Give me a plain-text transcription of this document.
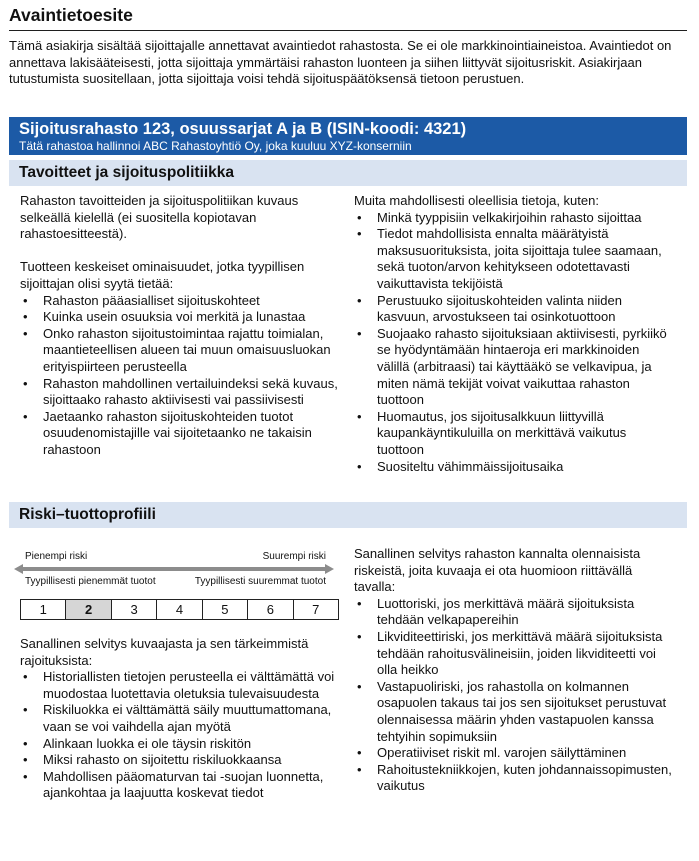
Avaintietoesite

Tämä asiakirja sisältää sijoittajalle annettavat avaintiedot rahastosta. Se ei ole markkinointiaineistoa. Avaintiedot on annettava lakisääteisesti, jotta sijoittaja ymmärtäisi rahaston luonteen ja siihen liittyvät sijoitusriskit. Asiakirjaan tutustumista suositellaan, jotta sijoittaja voisi tehdä sijoituspäätöksensä tietoon perustuen.

Sijoitusrahasto 123, osuussarjat A ja B (ISIN-koodi: 4321)
Tätä rahastoa hallinnoi ABC Rahastoyhtiö Oy, joka kuuluu XYZ-konserniin
Tavoitteet ja sijoituspolitiikka

Rahaston tavoitteiden ja sijoituspolitiikan kuvaus selkeällä kielellä (ei suositella kopiotavan rahastoesitteestä).

Tuotteen keskeiset ominaisuudet, jotka tyypillisen sijoittajan olisi syytä tietää:

• Rahaston pääasialliset sijoituskohteet
• Kuinka usein osuuksia voi merkitä ja lunastaa
• Onko rahaston sijoitustoimintaa rajattu toimialan, maantieteellisen alueen tai muun omaisuusluokan erityispiirteen perusteella
• Rahaston mahdollinen vertailuindeksi sekä kuvaus, sijoittaako rahasto aktiivisesti vai passiivisesti
• Jaetaanko rahaston sijoituskohteiden tuotot osuudenomistajille vai sijoitetaanko ne takaisin rahastoon

Muita mahdollisesti oleellisia tietoja, kuten:

• Minkä tyyppisiin velkakirjoihin rahasto sijoittaa
• Tiedot mahdollisista ennalta määrätyistä maksusuorituksista, joita sijoittaja tulee saamaan, sekä tuoton/arvon kehitykseen odotettavasti vaikuttavista tekijöistä
• Perustuuko sijoituskohteiden valinta niiden kasvuun, arvostukseen tai osinkotuottoon
• Suojaako rahasto sijoituksiaan aktiivisesti, pyrkiikö se hyödyntämään hintaeroja eri markkinoiden välillä (arbitraasi) tai käyttääkö se velkavipua, ja miten nämä tekijät voivat vaikuttaa rahaston tuottoon
• Huomautus, jos sijoitusalkkuun liittyvillä kaupankäyntikuluilla on merkittävä vaikutus tuottoon
• Suositeltu vähimmäissijoitusaika
Riski–tuottoprofiili
Pienempi riski	Suurempi riski
Tyypillisesti pienemmät tuotot	Tyypillisesti suuremmat tuotot
1	2	3	4	5	6	7

Sanallinen selvitys kuvaajasta ja sen tärkeimmistä rajoituksista:

• Historiallisten tietojen perusteella ei välttämättä voi muodostaa luotettavia oletuksia tulevaisuudesta
• Riskiluokka ei välttämättä säily muuttumattomana, vaan se voi vaihdella ajan myötä
• Alinkaan luokka ei ole täysin riskitön
• Miksi rahasto on sijoitettu riskiluokkaansa
• Mahdollisen pääomaturvan tai -suojan luonnetta, ajankohtaa ja laajuutta koskevat tiedot

Sanallinen selvitys rahaston kannalta olennaisista riskeistä, joita kuvaaja ei ota huomioon riittävällä tavalla:

• Luottoriski, jos merkittävä määrä sijoituksista tehdään velkapapereihin
• Likviditeettiriski, jos merkittävä määrä sijoituksista tehdään rahoitusvälineisiin, joiden likviditeetti voi olla heikko
• Vastapuoliriski, jos rahastolla on kolmannen osapuolen takaus tai jos sen sijoitukset perustuvat olennaisessa määrin yhden vastapuolen kanssa tehtyihin sopimuksiin
• Operatiiviset riskit ml. varojen säilyttäminen
• Rahoitustekniikkojen, kuten johdannaissopimusten, vaikutus
